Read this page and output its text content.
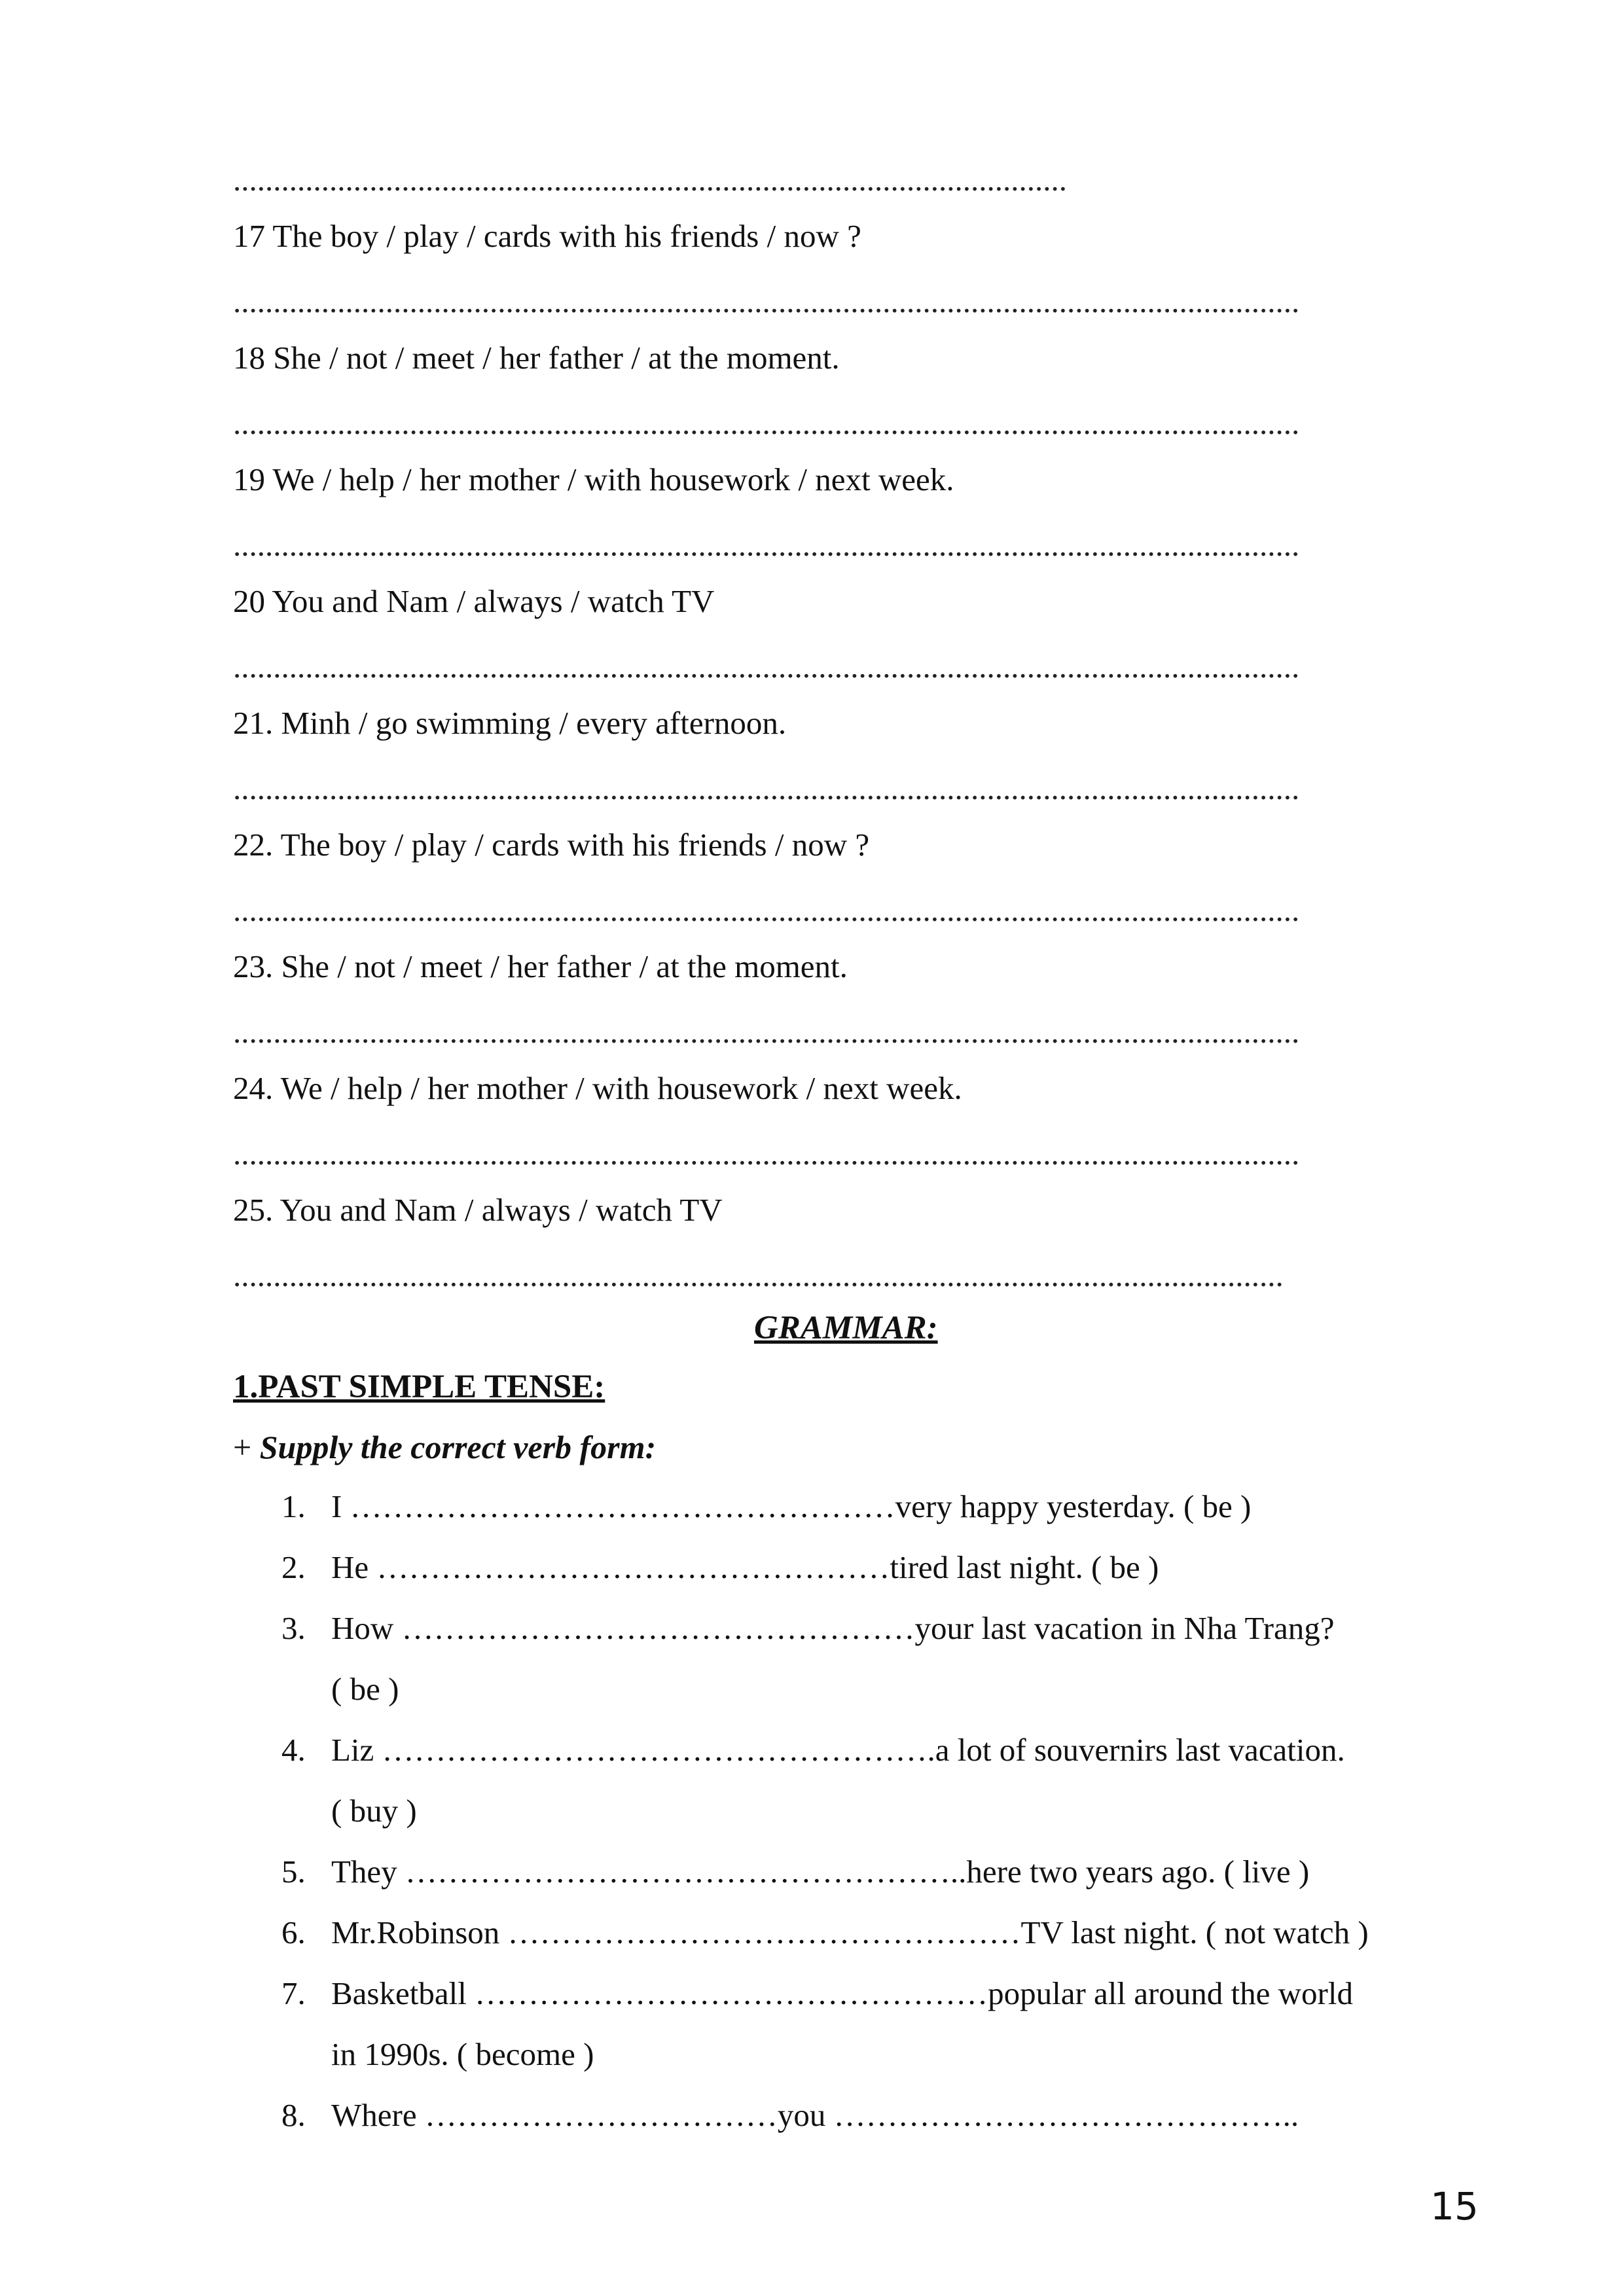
........................................................................................................

17 The boy / play / cards with his friends / now ?

.....................................................................................................................................

18 She / not / meet / her father / at the moment.

.....................................................................................................................................

19 We / help / her mother / with housework / next week.

.....................................................................................................................................

20 You and Nam / always / watch TV

.....................................................................................................................................

21. Minh / go swimming / every afternoon.

.....................................................................................................................................

22. The boy / play / cards with his friends / now ?

.....................................................................................................................................

23. She / not / meet / her father / at the moment.

.....................................................................................................................................

24. We / help / her mother / with housework / next week.

.....................................................................................................................................

25. You and Nam / always / watch TV

...................................................................................................................................

GRAMMAR:

1.PAST SIMPLE TENSE:

+ Supply the correct verb form:

1. I ……………………………………………very happy yesterday. ( be )

2. He …………………………………………tired last night. ( be )

3. How …………………………………………your last vacation in Nha Trang?

( be )

4. Liz …………………………………………….a lot of souvernirs last vacation.

( buy )

5. They ……………………………………………..here two years ago. ( live )

6. Mr.Robinson …………………………………………TV last night. ( not watch )

7. Basketball …………………………………………popular all around the world

in 1990s. ( become )

8. Where ……………………………you ……………………………………..

15
